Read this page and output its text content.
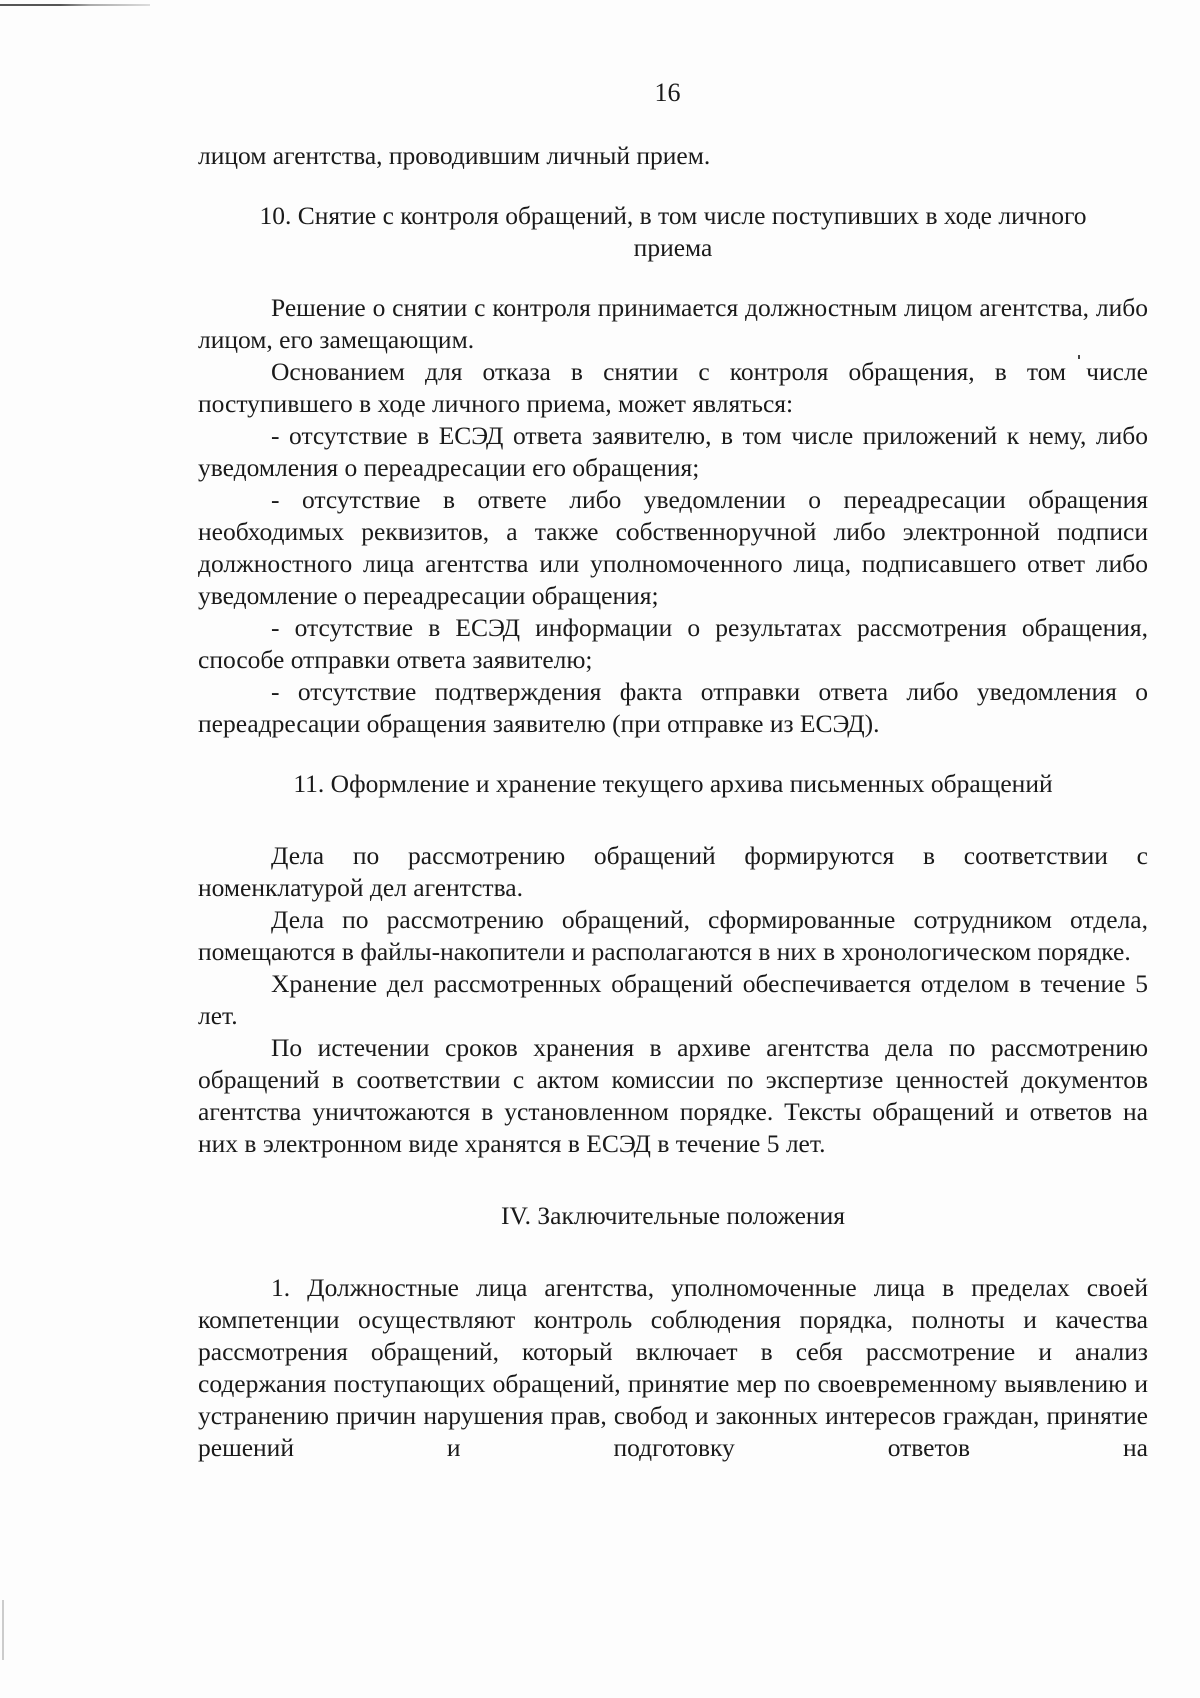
16

лицом агентства, проводившим личный прием.

10. Снятие с контроля обращений, в том числе поступивших в ходе личного приема

Решение о снятии с контроля принимается должностным лицом агентства, либо лицом, его замещающим.

Основанием для отказа в снятии с контроля обращения, в том числе поступившего в ходе личного приема, может являться:

- отсутствие в ЕСЭД ответа заявителю, в том числе приложений к нему, либо уведомления о переадресации его обращения;

- отсутствие в ответе либо уведомлении о переадресации обращения необходимых реквизитов, а также собственноручной либо электронной подписи должностного лица агентства или уполномоченного лица, подписавшего ответ либо уведомление о переадресации обращения;

- отсутствие в ЕСЭД информации о результатах рассмотрения обращения, способе отправки ответа заявителю;

- отсутствие подтверждения факта отправки ответа либо уведомления о переадресации обращения заявителю (при отправке из ЕСЭД).

11. Оформление и хранение текущего архива письменных обращений

Дела по рассмотрению обращений формируются в соответствии с номенклатурой дел агентства.

Дела по рассмотрению обращений, сформированные сотрудником отдела, помещаются в файлы-накопители и располагаются в них в хронологическом порядке.

Хранение дел рассмотренных обращений обеспечивается отделом в течение 5 лет.

По истечении сроков хранения в архиве агентства дела по рассмотрению обращений в соответствии с актом комиссии по экспертизе ценностей документов агентства уничтожаются в установленном порядке. Тексты обращений и ответов на них в электронном виде хранятся в ЕСЭД в течение 5 лет.

IV. Заключительные положения

1. Должностные лица агентства, уполномоченные лица в пределах своей компетенции осуществляют контроль соблюдения порядка, полноты и качества рассмотрения обращений, который включает в себя рассмотрение и анализ содержания поступающих обращений, принятие мер по своевременному выявлению и устранению причин нарушения прав, свобод и законных интересов граждан, принятие решений и подготовку ответов на
